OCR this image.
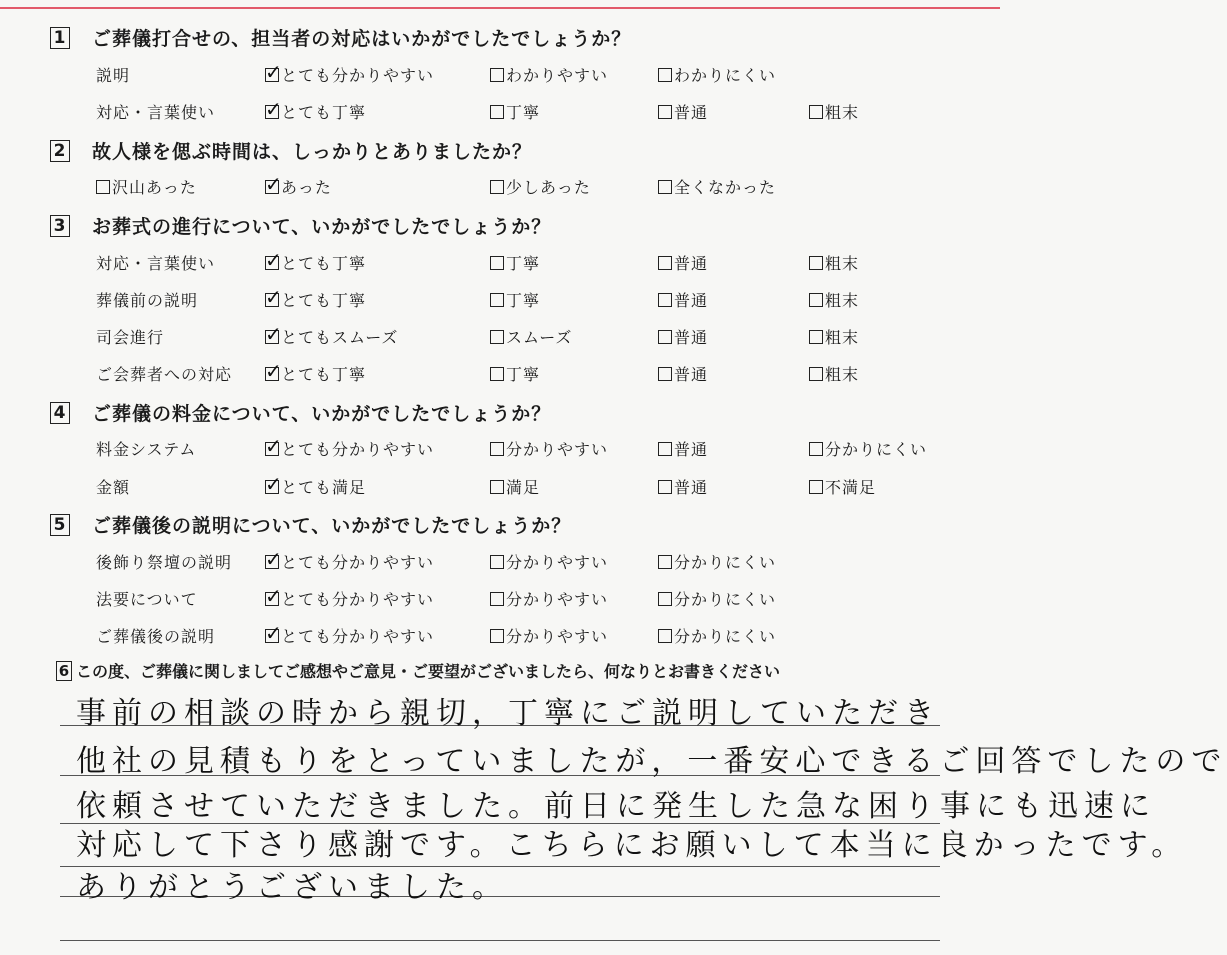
1 ご葬儀打合せの、担当者の対応はいかがでしたでしょうか？
2 故人様を偲ぶ時間は、しっかりとありましたか？
3 お葬式の進行について、いかがでしたでしょうか？
4 ご葬儀の料金について、いかがでしたでしょうか？
5 ご葬儀後の説明について、いかがでしたでしょうか？
6 この度、ご葬儀に関しましてご感想やご意見・ご要望がございましたら、何なりとお書きください
説明 ✓	とても分かりやすい	わかりやすい	わかりにくい
対応・言葉使い ✓	とても丁寧	丁寧	普通	粗末
沢山あった ✓	あった	少しあった	全くなかった
対応・言葉使い ✓	とても丁寧	丁寧	普通	粗末
葬儀前の説明 ✓	とても丁寧	丁寧	普通	粗末
司会進行 ✓	とてもスムーズ	スムーズ	普通	粗末
ご会葬者への対応 ✓	とても丁寧	丁寧	普通	粗末
料金システム ✓	とても分かりやすい	分かりやすい	普通	分かりにくい
金額 ✓	とても満足	満足	普通	不満足
後飾り祭壇の説明 ✓	とても分かりやすい	分かりやすい	分かりにくい
法要について ✓	とても分かりやすい	分かりやすい	分かりにくい
ご葬儀後の説明 ✓	とても分かりやすい	分かりやすい	分かりにくい
事前の相談の時から親切，丁寧にご説明していただき
他社の見積もりをとっていましたが，一番安心できるご回答でしたので
依頼させていただきました。前日に発生した急な困り事にも迅速に
対応して下さり感謝です。こちらにお願いして本当に良かったです。
ありがとうございました。
